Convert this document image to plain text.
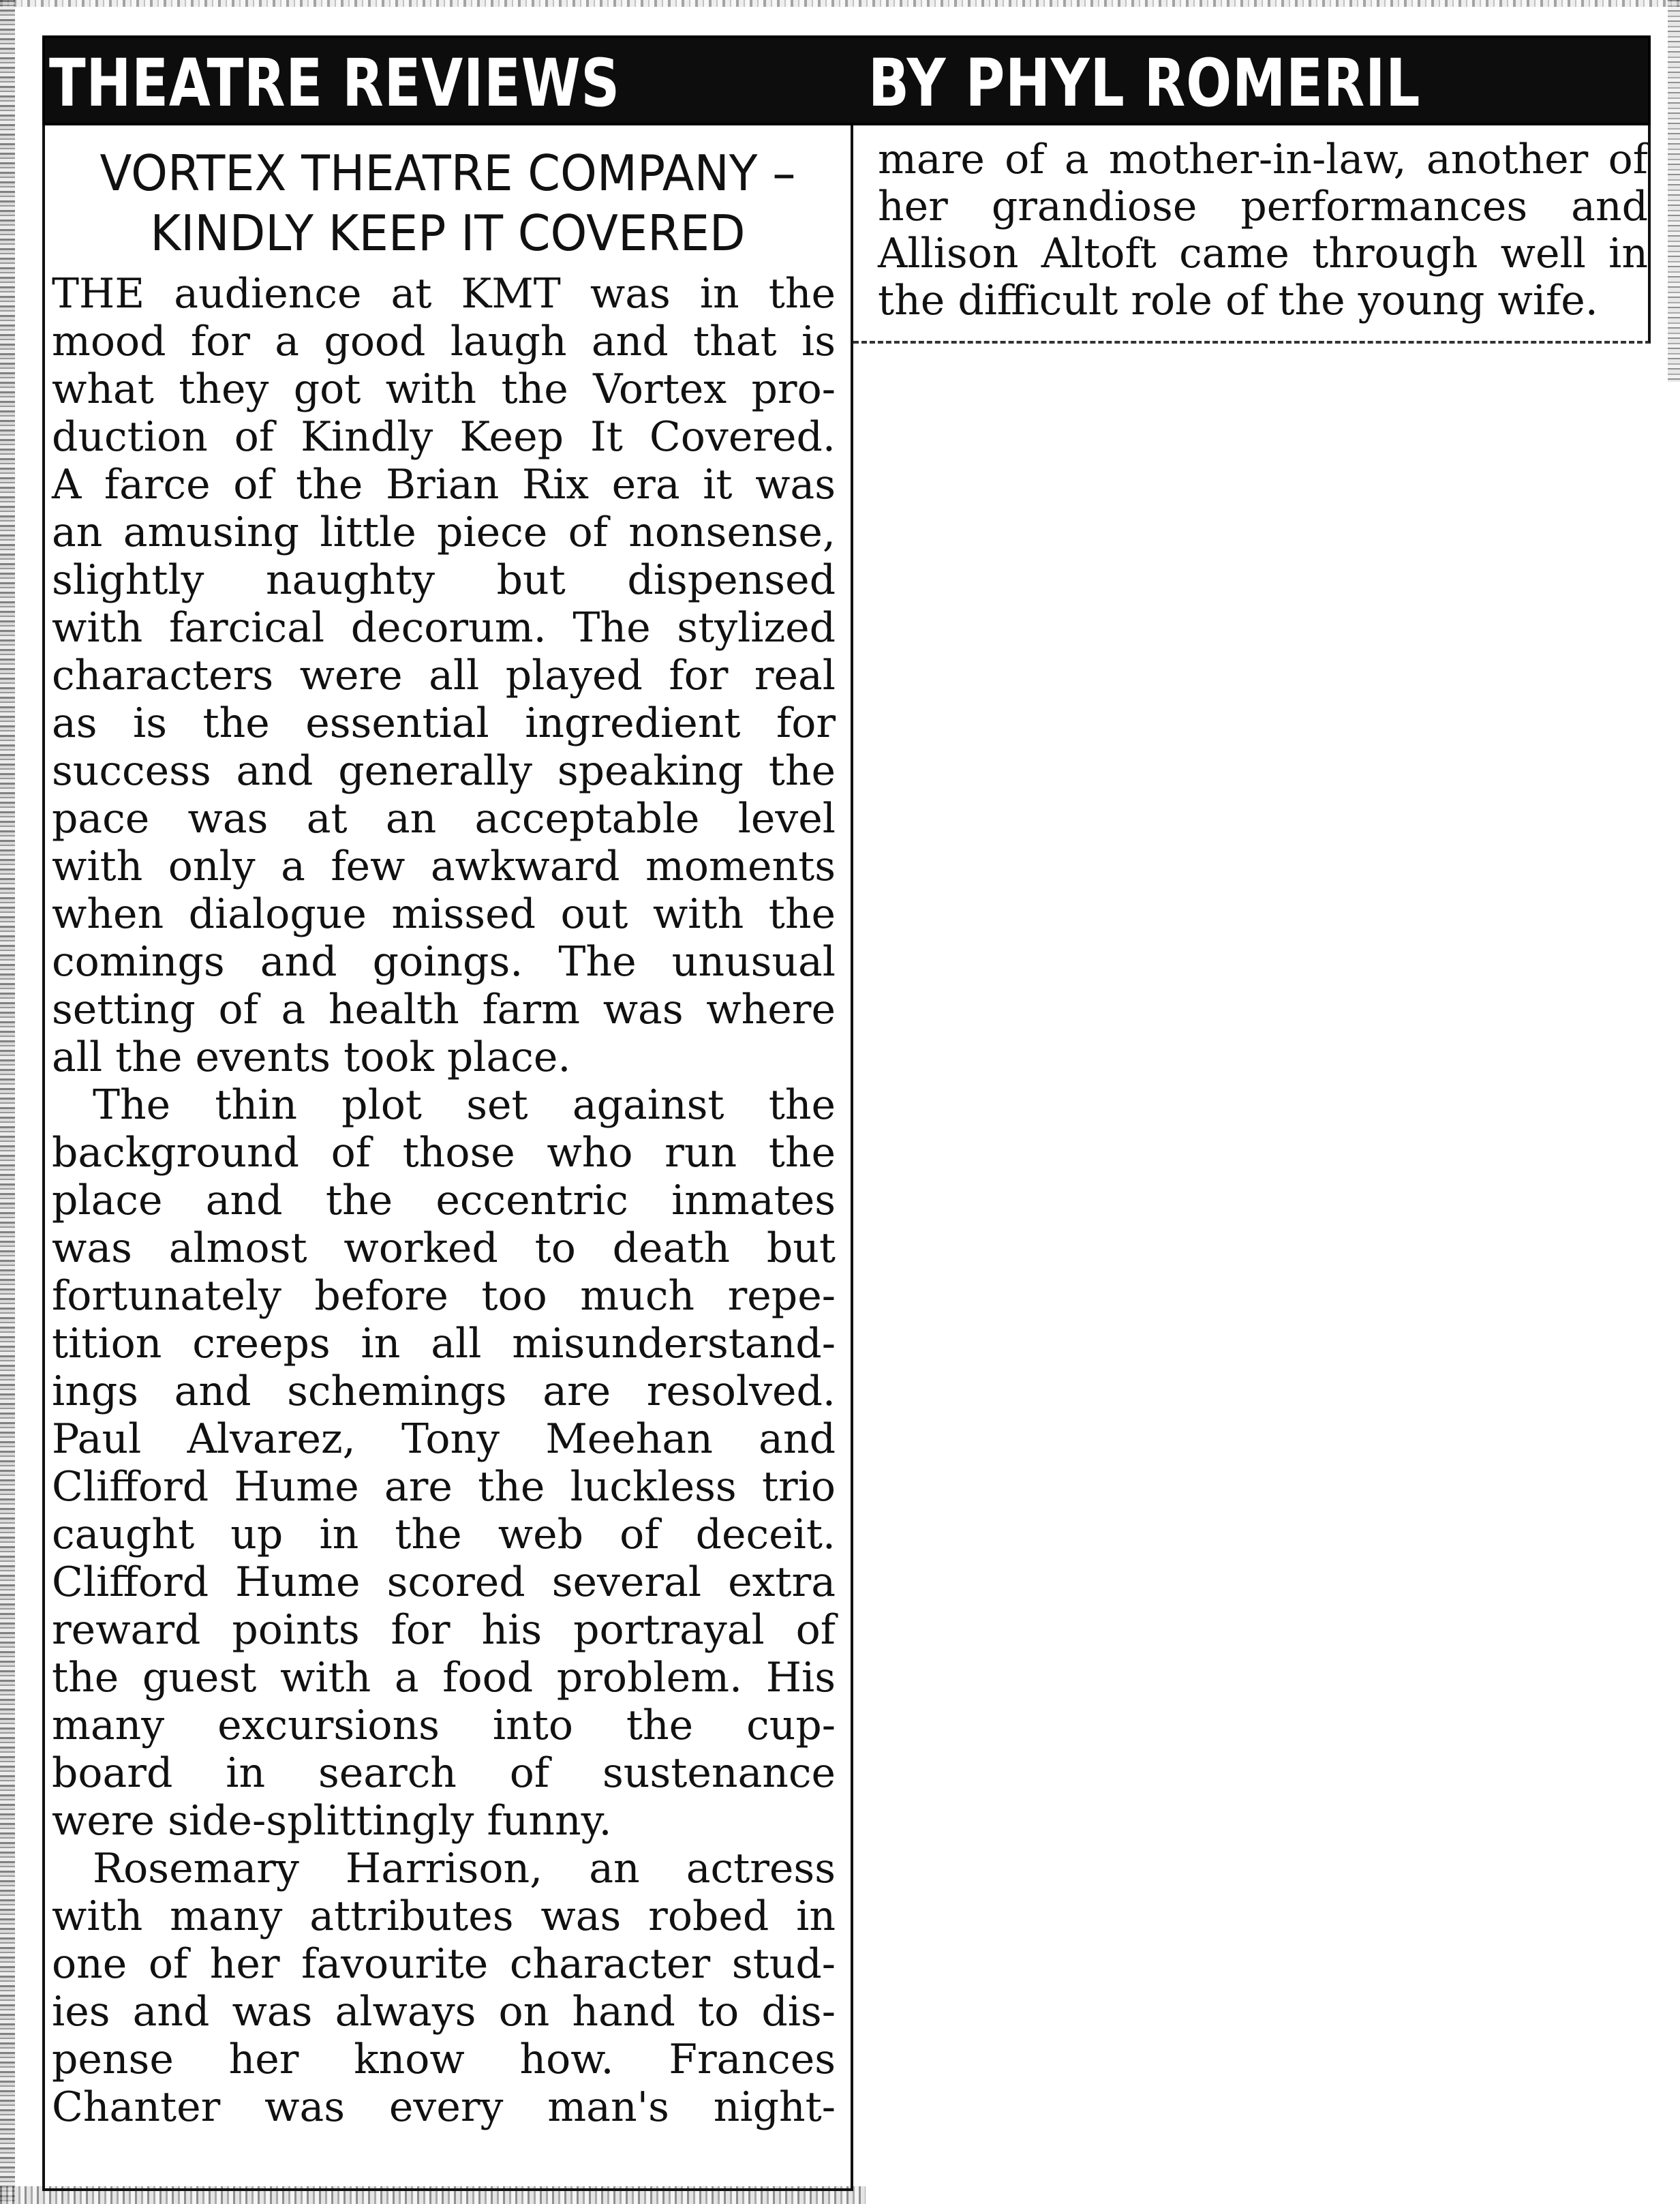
THEATRE REVIEWS	BY PHYL ROMERIL
VORTEX THEATRE COMPANY –
KINDLY KEEP IT COVERED
THE audience at KMT was in the
mood for a good laugh and that is
what they got with the Vortex pro-
duction of Kindly Keep It Covered.
A farce of the Brian Rix era it was
an amusing little piece of nonsense,
slightly naughty but dispensed
with farcical decorum. The stylized
characters were all played for real
as is the essential ingredient for
success and generally speaking the
pace was at an acceptable level
with only a few awkward moments
when dialogue missed out with the
comings and goings. The unusual
setting of a health farm was where
all the events took place.
The thin plot set against the
background of those who run the
place and the eccentric inmates
was almost worked to death but
fortunately before too much repe-
tition creeps in all misunderstand-
ings and schemings are resolved.
Paul Alvarez, Tony Meehan and
Clifford Hume are the luckless trio
caught up in the web of deceit.
Clifford Hume scored several extra
reward points for his portrayal of
the guest with a food problem. His
many excursions into the cup-
board in search of sustenance
were side-splittingly funny.
Rosemary Harrison, an actress
with many attributes was robed in
one of her favourite character stud-
ies and was always on hand to dis-
pense her know how. Frances
Chanter was every man's night-
mare of a mother-in-law, another of
her grandiose performances and
Allison Altoft came through well in
the difficult role of the young wife.
